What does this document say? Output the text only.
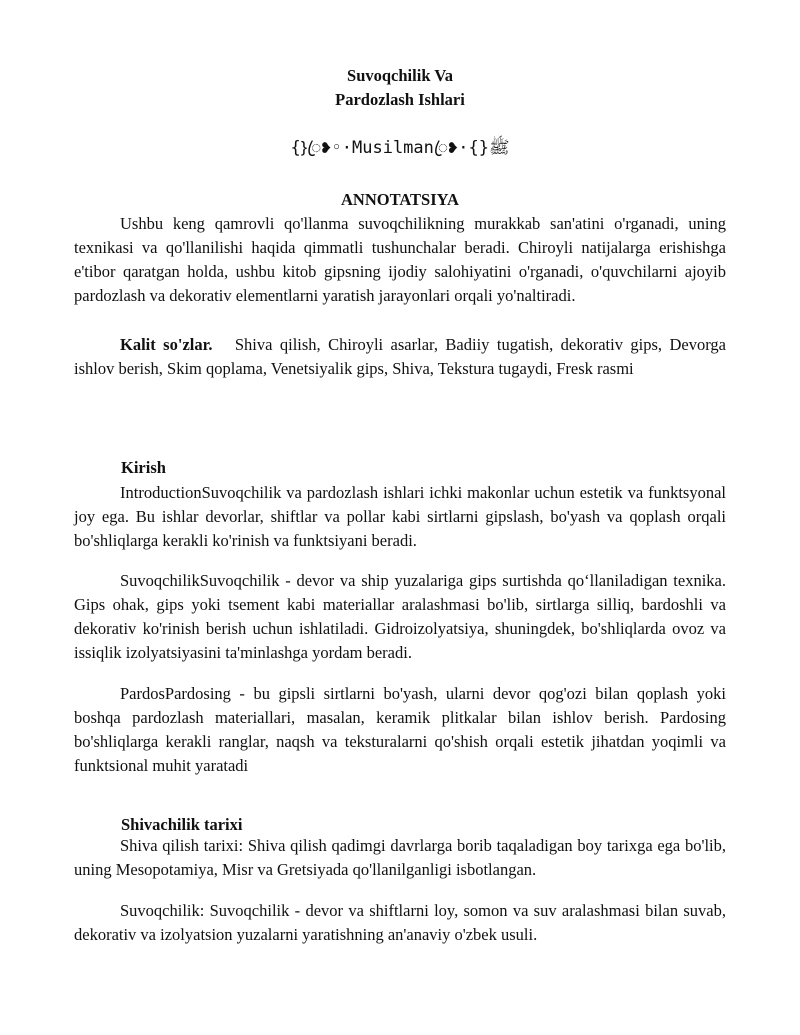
Suvoqchilik Va
Pardozlash Ishlari
{}ꦿ❥◦·Musilmanꦿ❥·{}ﷺ
ANNOTATSIYA
Ushbu keng qamrovli qo'llanma suvoqchilikning murakkab san'atini o'rganadi, uning texnikasi va qo'llanilishi haqida qimmatli tushunchalar beradi. Chiroyli natijalarga erishishga e'tibor qaratgan holda, ushbu kitob gipsning ijodiy salohiyatini o'rganadi, o'quvchilarni ajoyib pardozlash va dekorativ elementlarni yaratish jarayonlari orqali yo'naltiradi.
Kalit so'zlar. Shiva qilish, Chiroyli asarlar, Badiiy tugatish, dekorativ gips, Devorga ishlov berish, Skim qoplama, Venetsiyalik gips, Shiva, Tekstura tugaydi, Fresk rasmi
Kirish
IntroductionSuvoqchilik va pardozlash ishlari ichki makonlar uchun estetik va funktsyonal joy ega. Bu ishlar devorlar, shiftlar va pollar kabi sirtlarni gipslash, bo'yash va qoplash orqali bo'shliqlarga kerakli ko'rinish va funktsiyani beradi.
SuvoqchilikSuvoqchilik - devor va ship yuzalariga gips surtishda qo‘llaniladigan texnika. Gips ohak, gips yoki tsement kabi materiallar aralashmasi bo'lib, sirtlarga silliq, bardoshli va dekorativ ko'rinish berish uchun ishlatiladi. Gidroizolyatsiya, shuningdek, bo'shliqlarda ovoz va issiqlik izolyatsiyasini ta'minlashga yordam beradi.
PardosPardosing - bu gipsli sirtlarni bo'yash, ularni devor qog'ozi bilan qoplash yoki boshqa pardozlash materiallari, masalan, keramik plitkalar bilan ishlov berish. Pardosing bo'shliqlarga kerakli ranglar, naqsh va teksturalarni qo'shish orqali estetik jihatdan yoqimli va funktsional muhit yaratadi
Shivachilik tarixi
Shiva qilish tarixi: Shiva qilish qadimgi davrlarga borib taqaladigan boy tarixga ega bo'lib, uning Mesopotamiya, Misr va Gretsiyada qo'llanilganligi isbotlangan.
Suvoqchilik: Suvoqchilik - devor va shiftlarni loy, somon va suv aralashmasi bilan suvab, dekorativ va izolyatsion yuzalarni yaratishning an'anaviy o'zbek usuli.
